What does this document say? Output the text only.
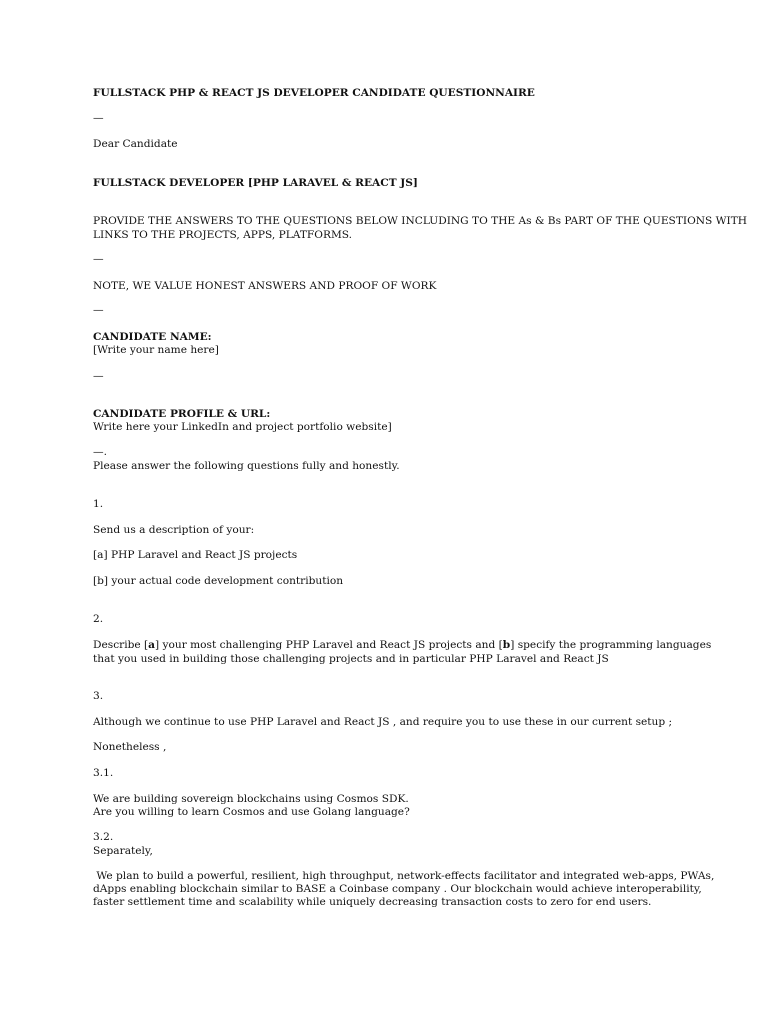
FULLSTACK PHP & REACT JS DEVELOPER CANDIDATE QUESTIONNAIRE

—

Dear Candidate

FULLSTACK DEVELOPER [PHP LARAVEL & REACT JS]

PROVIDE THE ANSWERS TO THE QUESTIONS BELOW INCLUDING TO THE As & Bs PART OF THE QUESTIONS WITH

LINKS TO THE PROJECTS, APPS, PLATFORMS.

—

NOTE, WE VALUE HONEST ANSWERS AND PROOF OF WORK

—

CANDIDATE NAME:

[Write your name here]

—

CANDIDATE PROFILE & URL:

Write here your LinkedIn and project portfolio website]

—.

Please answer the following questions fully and honestly.

1.

Send us a description of your:

[a] PHP Laravel and React JS projects

[b] your actual code development contribution

2.

Describe [a] your most challenging PHP Laravel and React JS projects and [b] specify the programming languages

that you used in building those challenging projects and in particular PHP Laravel and React JS

3.

Although we continue to use PHP Laravel and React JS , and require you to use these in our current setup ;

Nonetheless ,

3.1.

We are building sovereign blockchains using Cosmos SDK.

Are you willing to learn Cosmos and use Golang language?

3.2.

Separately,

We plan to build a powerful, resilient, high throughput, network-effects facilitator and integrated web-apps, PWAs,

dApps enabling blockchain similar to BASE a Coinbase company . Our blockchain would achieve interoperability,

faster settlement time and scalability while uniquely decreasing transaction costs to zero for end users.
